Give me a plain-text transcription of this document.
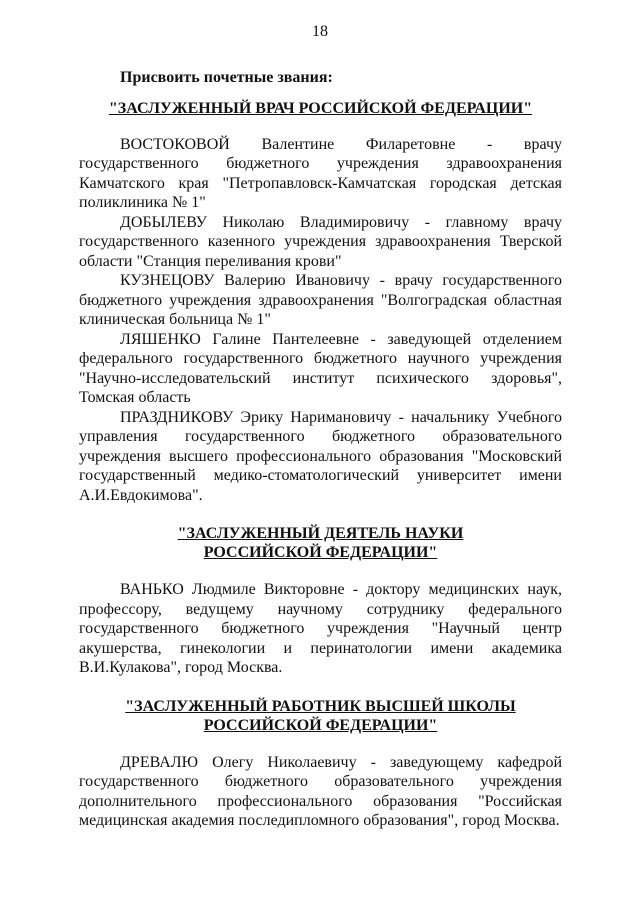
18

Присвоить почетные звания:

"ЗАСЛУЖЕННЫЙ ВРАЧ РОССИЙСКОЙ ФЕДЕРАЦИИ"

ВОСТОКОВОЙ Валентине Филаретовне - врачу государственного бюджетного учреждения здравоохранения Камчатского края "Петропавловск-Камчатская городская детская поликлиника № 1"

ДОБЫЛЕВУ Николаю Владимировичу - главному врачу государственного казенного учреждения здравоохранения Тверской области "Станция переливания крови"

КУЗНЕЦОВУ Валерию Ивановичу - врачу государственного бюджетного учреждения здравоохранения "Волгоградская областная клиническая больница № 1"

ЛЯШЕНКО Галине Пантелеевне - заведующей отделением федерального государственного бюджетного научного учреждения "Научно-исследовательский институт психического здоровья", Томская область

ПРАЗДНИКОВУ Эрику Наримановичу - начальнику Учебного управления государственного бюджетного образовательного учреждения высшего профессионального образования "Московский государственный медико-стоматологический университет имени А.И.Евдокимова".

"ЗАСЛУЖЕННЫЙ ДЕЯТЕЛЬ НАУКИ
РОССИЙСКОЙ ФЕДЕРАЦИИ"

ВАНЬКО Людмиле Викторовне - доктору медицинских наук, профессору, ведущему научному сотруднику федерального государственного бюджетного учреждения "Научный центр акушерства, гинекологии и перинатологии имени академика В.И.Кулакова", город Москва.

"ЗАСЛУЖЕННЫЙ РАБОТНИК ВЫСШЕЙ ШКОЛЫ
РОССИЙСКОЙ ФЕДЕРАЦИИ"

ДРЕВАЛЮ Олегу Николаевичу - заведующему кафедрой государственного бюджетного образовательного учреждения дополнительного профессионального образования "Российская медицинская академия последипломного образования", город Москва.
